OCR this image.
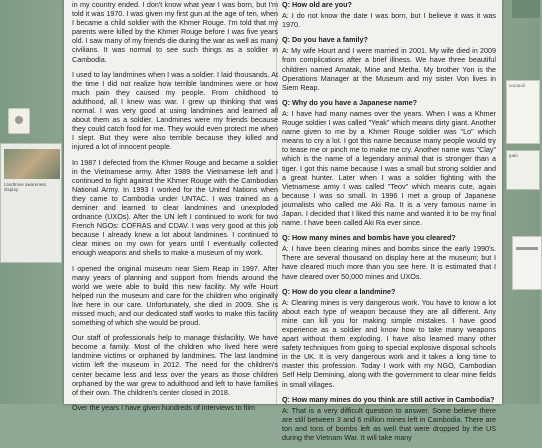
Landmine awareness display

in my country ended. I don't know what year I was born, but I'm told it was 1970. I was given my first gun at the age of ten, when I became a child soldier with the Khmer Rouge. I'm told that my parents were killed by the Khmer Rouge before I was five years old. I saw many of my friends die during the war as well as many civilians. It was normal to see such things as a soldier in Cambodia.

I used to lay landmines when I was a soldier. I laid thousands. At the time I did not realize how terrible landmines were or how much pain they caused my people. From childhood to adulthood, all I knew was war. I grew up thinking that was normal. I was very good at using landmines and learned all about them as a soldier. Landmines were my friends because they could catch food for me. They would even protect me when I slept. But they were also terrible because they killed and injured a lot of innocent people.

In 1987 I defected from the Khmer Rouge and became a soldier in the Vietnamese army. After 1989 the Vietnamese left and I continued to fight against the Khmer Rouge with the Cambodian National Army. In 1993 I worked for the United Nations when they came to Cambodia under UNTAC. I was trained as a deminer and learned to clear landmines and unexploded ordnance (UXOs). After the UN left I continued to work for two French NGOs: COFRAS and CDAV. I was very good at this job because I already knew a lot about landmines. I continued to clear mines on my own for years until I eventually collected enough weapons and shells to make a museum of my work.

I opened the original museum near Siem Reap in 1997. After many years of planning and support from friends around the world we were able to build this new facility. My wife Hourt helped run the museum and care for the children who originally live here in our care. Unfortunately, she died in 2009. She is missed much, and our dedicated staff works to make this facility something of which she would be proud.

Our staff of professionals help to manage thisfacility. We have become a family. Most of the children who lived here were landmine victims or orphaned by landmines. The last landmine victim left the museum in 2012. The need for the children's center became less and less over the years as those children orphaned by the war grew to adulthood and left to have families of their own. The children's center closed in 2018.

Over the years I have given hundreds of interviews to film

Q: How old are you?

A: I do not know the date I was born, but I believe it was it was 1970.

Q: Do you have a family?

A: My wife Hourt and I were married in 2001. My wife died in 2009 from complications after a brief illness. We have three beautiful children named Amatak, Mine and Metha. My brother Yon is the Operations Manager at the Museum and my sister Von lives in Siem Reap.

Q: Why do you have a Japanese name?

A: I have had many names over the years. When I was a Khmer Rouge soldier I was called "Yeak" which means dirty giant. Another name given to me by a Khmer Rouge soldier was "Lo" which means to cry a lot. I got this name because many people would try to tease me or pinch me to make me cry. Another name was "Clay" which is the name of a legendary animal that is stronger than a tiger. I got this name because I was a small but strong soldier and a great hunter. Later when I was a soldier fighting with the Vietnamese army I was called "Teov" which means cute, again because I was so small. In 1996 I met a group of Japanese journalists who called me Aki Ra. It is a very famous name in Japan. I decided that I liked this name and wanted it to be my final name. I have been called Aki Ra ever since.

Q: How many mines and bombs have you cleared?

A: I have been clearing mines and bombs since the early 1990's. There are several thousand on display here at the museum; but I have cleared much more than you see here. It is estimated that I have cleared over 50,000 mines and UXOs.

Q: How do you clear a landmine?

A: Clearing mines is very dangerous work. You have to know a lot about each type of weapon because they are all different. Any mine can kill you for making simple mistakes. I have good experience as a soldier and know how to take many weapons apart without them exploding. I have also learned many other safety techniques from going to special explosive disposal schools in the UK. It is very dangerous work and it takes a long time to master this profession. Today I work with my NGO, Cambodian Self Help Demining, along with the government to clear mine fields in small villages.

Q: How many mines do you think are still active in Cambodia?

A: That is a very difficult question to answer. Some believe there are still between 3 and 6 million mines left in Cambodia. There are ton and tons of bombs left as well that were dropped by the US during the Vietnam War. It will take many

ទេសចរណ៍
ប្រអប់
